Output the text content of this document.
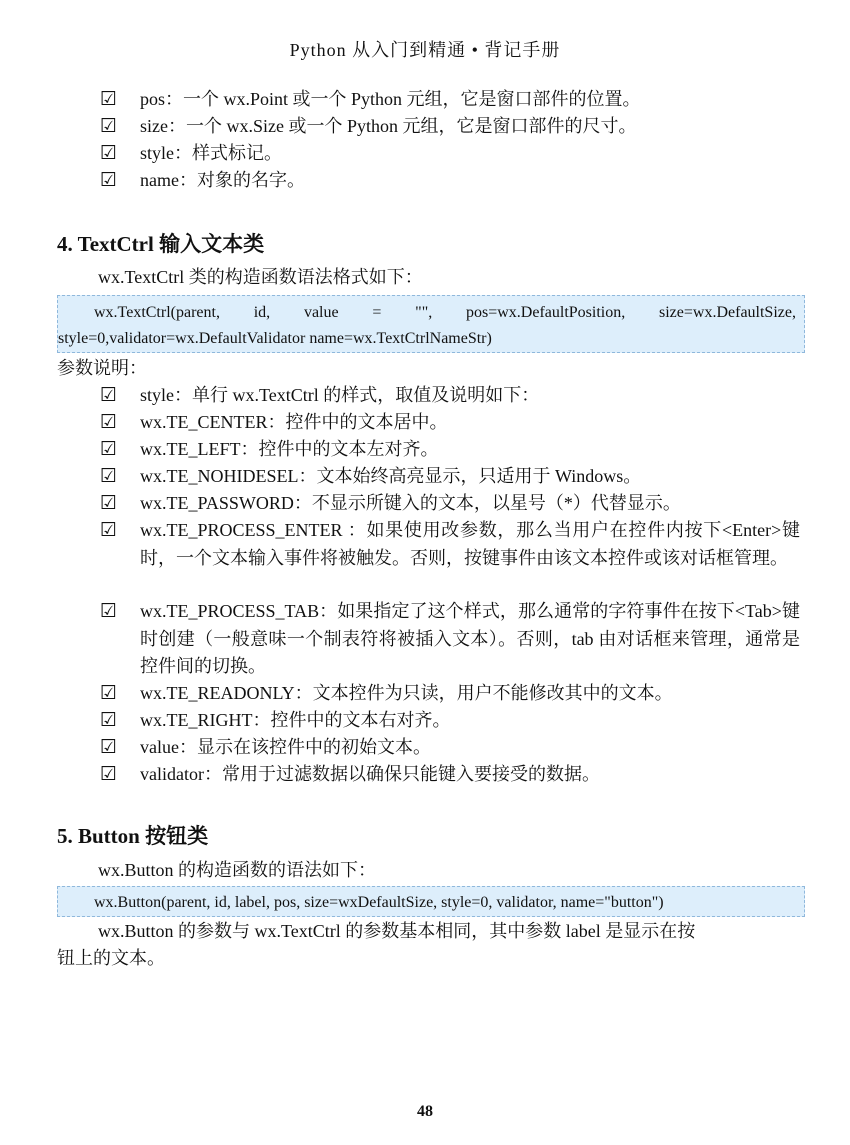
Python 从入门到精通 • 背记手册
☑	pos：一个 wx.Point 或一个 Python 元组，它是窗口部件的位置。
☑	size：一个 wx.Size 或一个 Python 元组，它是窗口部件的尺寸。
☑	style：样式标记。
☑	name：对象的名字。
4. TextCtrl 输入文本类
wx.TextCtrl 类的构造函数语法格式如下：
wx.TextCtrl(parent, id, value = "", pos=wx.DefaultPosition, size=wx.DefaultSize,
style=0,validator=wx.DefaultValidator name=wx.TextCtrlNameStr)
参数说明：
☑	style：单行 wx.TextCtrl 的样式，取值及说明如下：
☑	wx.TE_CENTER：控件中的文本居中。
☑	wx.TE_LEFT：控件中的文本左对齐。
☑	wx.TE_NOHIDESEL：文本始终高亮显示，只适用于 Windows。
☑	wx.TE_PASSWORD：不显示所键入的文本，以星号（*）代替显示。
☑	wx.TE_PROCESS_ENTER ：如果使用改参数，那么当用户在控件内按下<Enter>键时，一个文本输入事件将被触发。否则，按键事件由该文本控件或该对话框管理。
☑	wx.TE_PROCESS_TAB：如果指定了这个样式，那么通常的字符事件在按下<Tab>键时创建（一般意味一个制表符将被插入文本）。否则，tab 由对话框来管理，通常是控件间的切换。
☑	wx.TE_READONLY：文本控件为只读，用户不能修改其中的文本。
☑	wx.TE_RIGHT：控件中的文本右对齐。
☑	value：显示在该控件中的初始文本。
☑	validator：常用于过滤数据以确保只能键入要接受的数据。
5. Button 按钮类
wx.Button 的构造函数的语法如下：
wx.Button(parent, id, label, pos, size=wxDefaultSize, style=0, validator, name="button")
wx.Button 的参数与 wx.TextCtrl 的参数基本相同，其中参数 label 是显示在按
钮上的文本。
48
